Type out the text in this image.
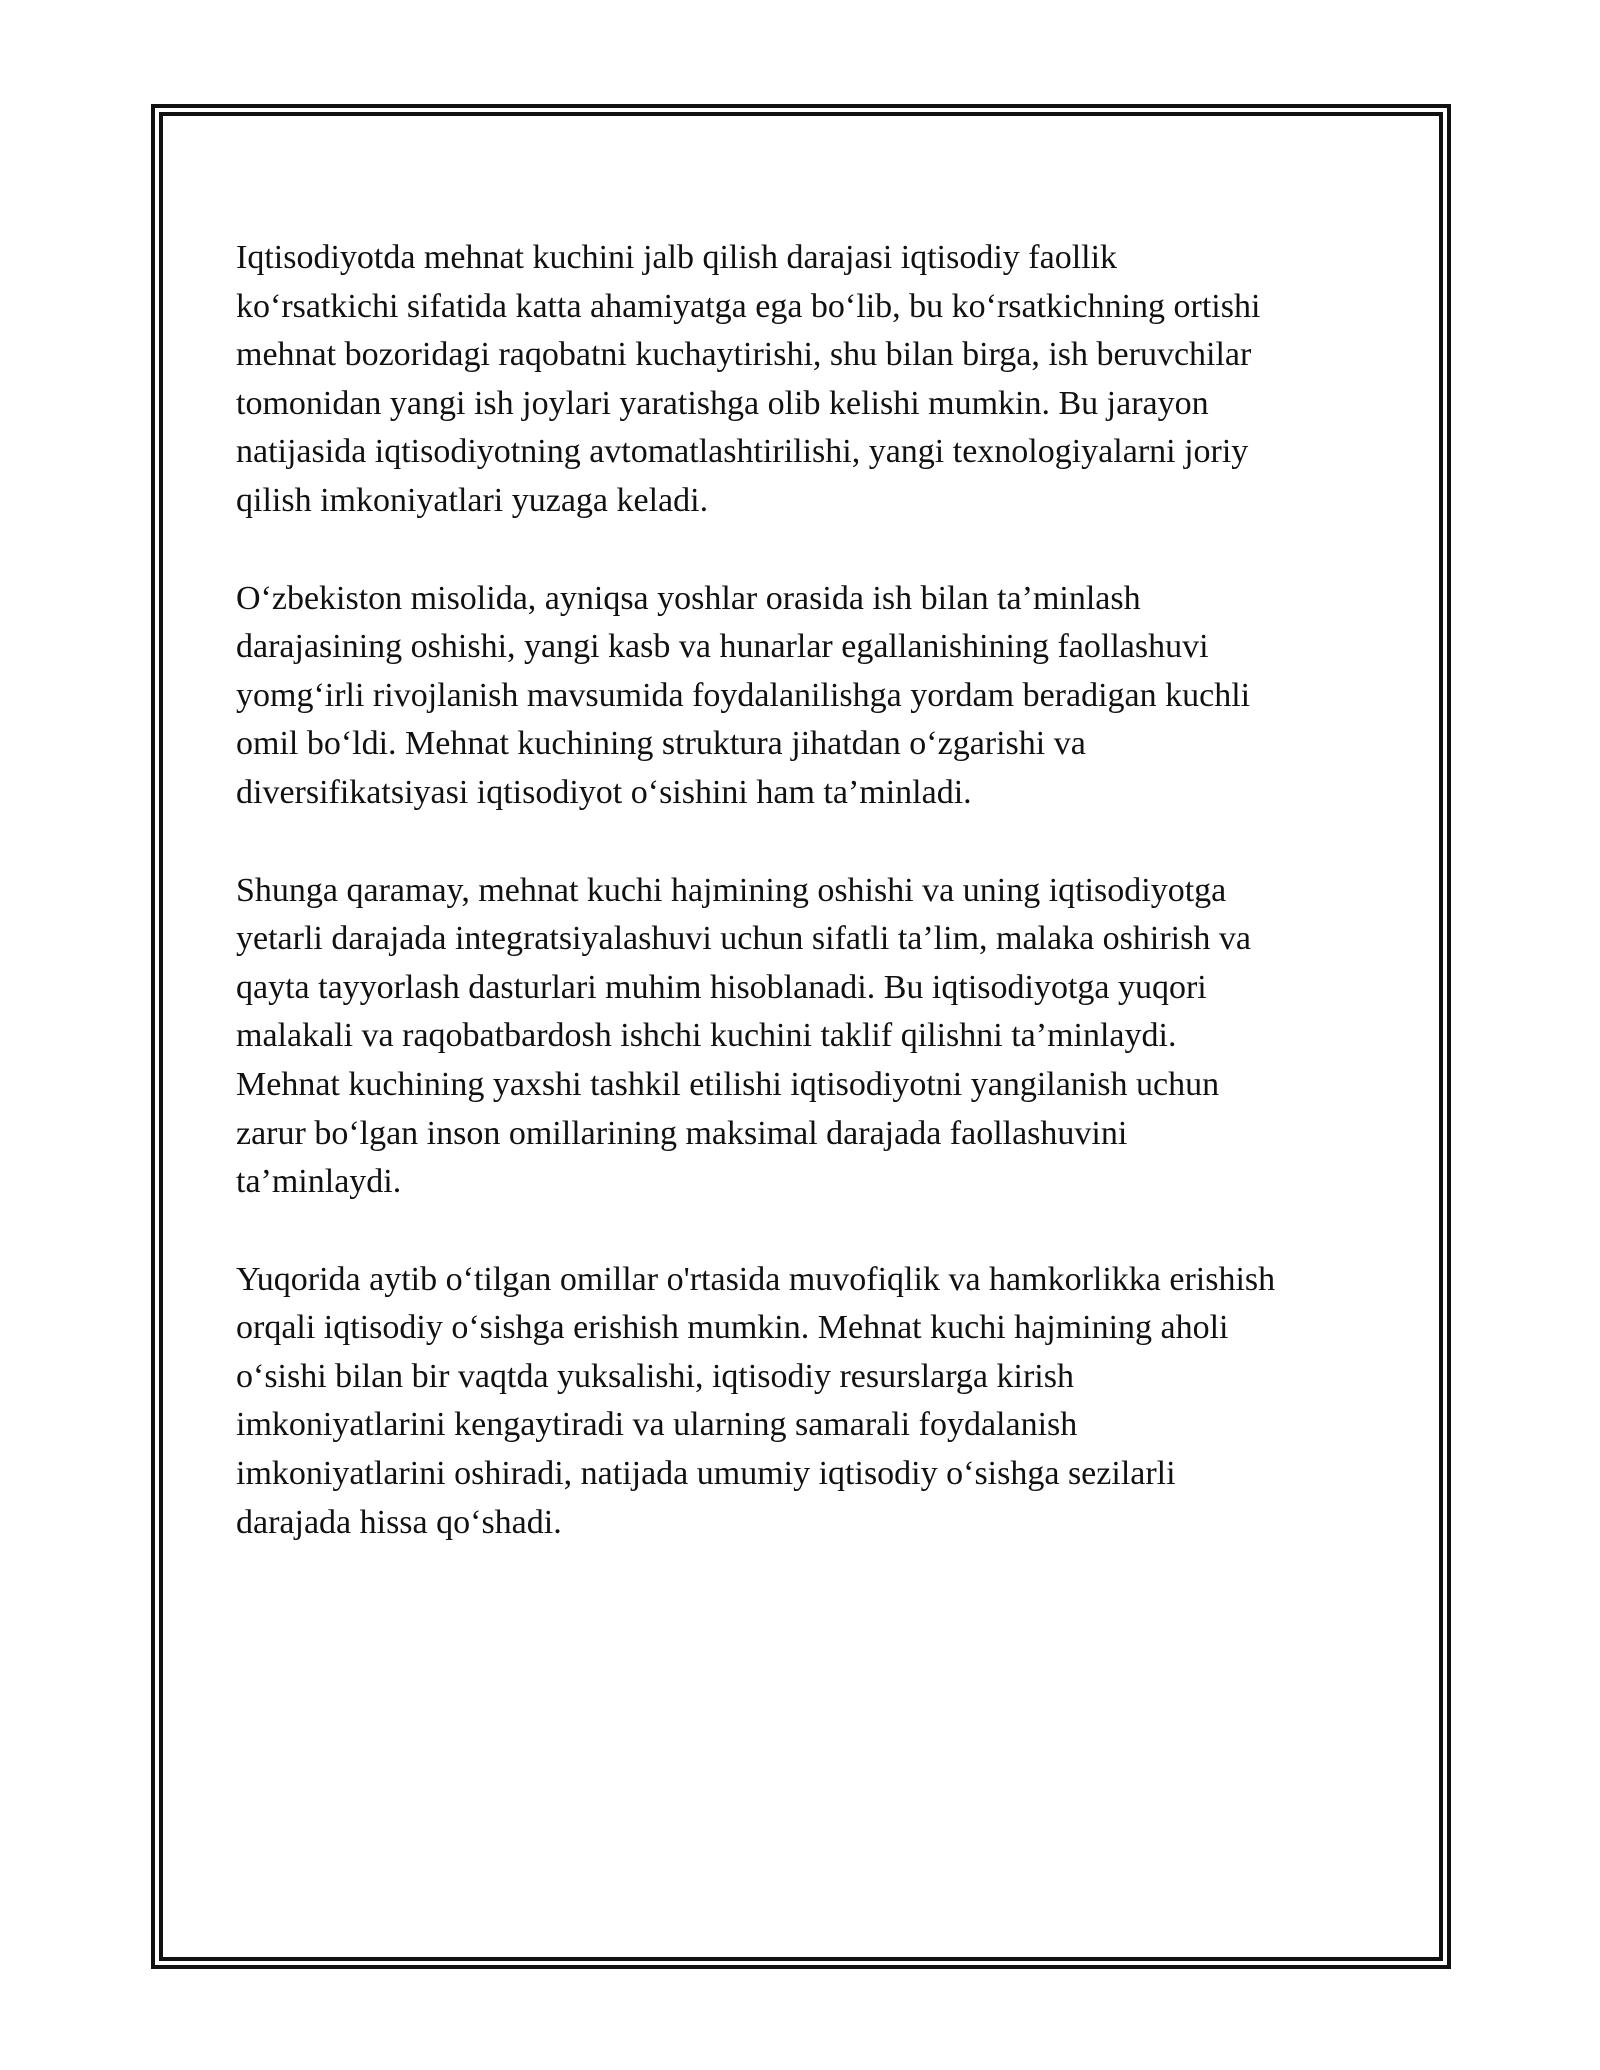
Iqtisodiyotda mehnat kuchini jalb qilish darajasi iqtisodiy faollik
ko‘rsatkichi sifatida katta ahamiyatga ega bo‘lib, bu ko‘rsatkichning ortishi
mehnat bozoridagi raqobatni kuchaytirishi, shu bilan birga, ish beruvchilar
tomonidan yangi ish joylari yaratishga olib kelishi mumkin. Bu jarayon
natijasida iqtisodiyotning avtomatlashtirilishi, yangi texnologiyalarni joriy
qilish imkoniyatlari yuzaga keladi.

O‘zbekiston misolida, ayniqsa yoshlar orasida ish bilan ta’minlash
darajasining oshishi, yangi kasb va hunarlar egallanishining faollashuvi
yomg‘irli rivojlanish mavsumida foydalanilishga yordam beradigan kuchli
omil bo‘ldi. Mehnat kuchining struktura jihatdan o‘zgarishi va
diversifikatsiyasi iqtisodiyot o‘sishini ham ta’minladi.

Shunga qaramay, mehnat kuchi hajmining oshishi va uning iqtisodiyotga
yetarli darajada integratsiyalashuvi uchun sifatli ta’lim, malaka oshirish va
qayta tayyorlash dasturlari muhim hisoblanadi. Bu iqtisodiyotga yuqori
malakali va raqobatbardosh ishchi kuchini taklif qilishni ta’minlaydi.
Mehnat kuchining yaxshi tashkil etilishi iqtisodiyotni yangilanish uchun
zarur bo‘lgan inson omillarining maksimal darajada faollashuvini
ta’minlaydi.

Yuqorida aytib o‘tilgan omillar o'rtasida muvofiqlik va hamkorlikka erishish
orqali iqtisodiy o‘sishga erishish mumkin. Mehnat kuchi hajmining aholi
o‘sishi bilan bir vaqtda yuksalishi, iqtisodiy resurslarga kirish
imkoniyatlarini kengaytiradi va ularning samarali foydalanish
imkoniyatlarini oshiradi, natijada umumiy iqtisodiy o‘sishga sezilarli
darajada hissa qo‘shadi.
